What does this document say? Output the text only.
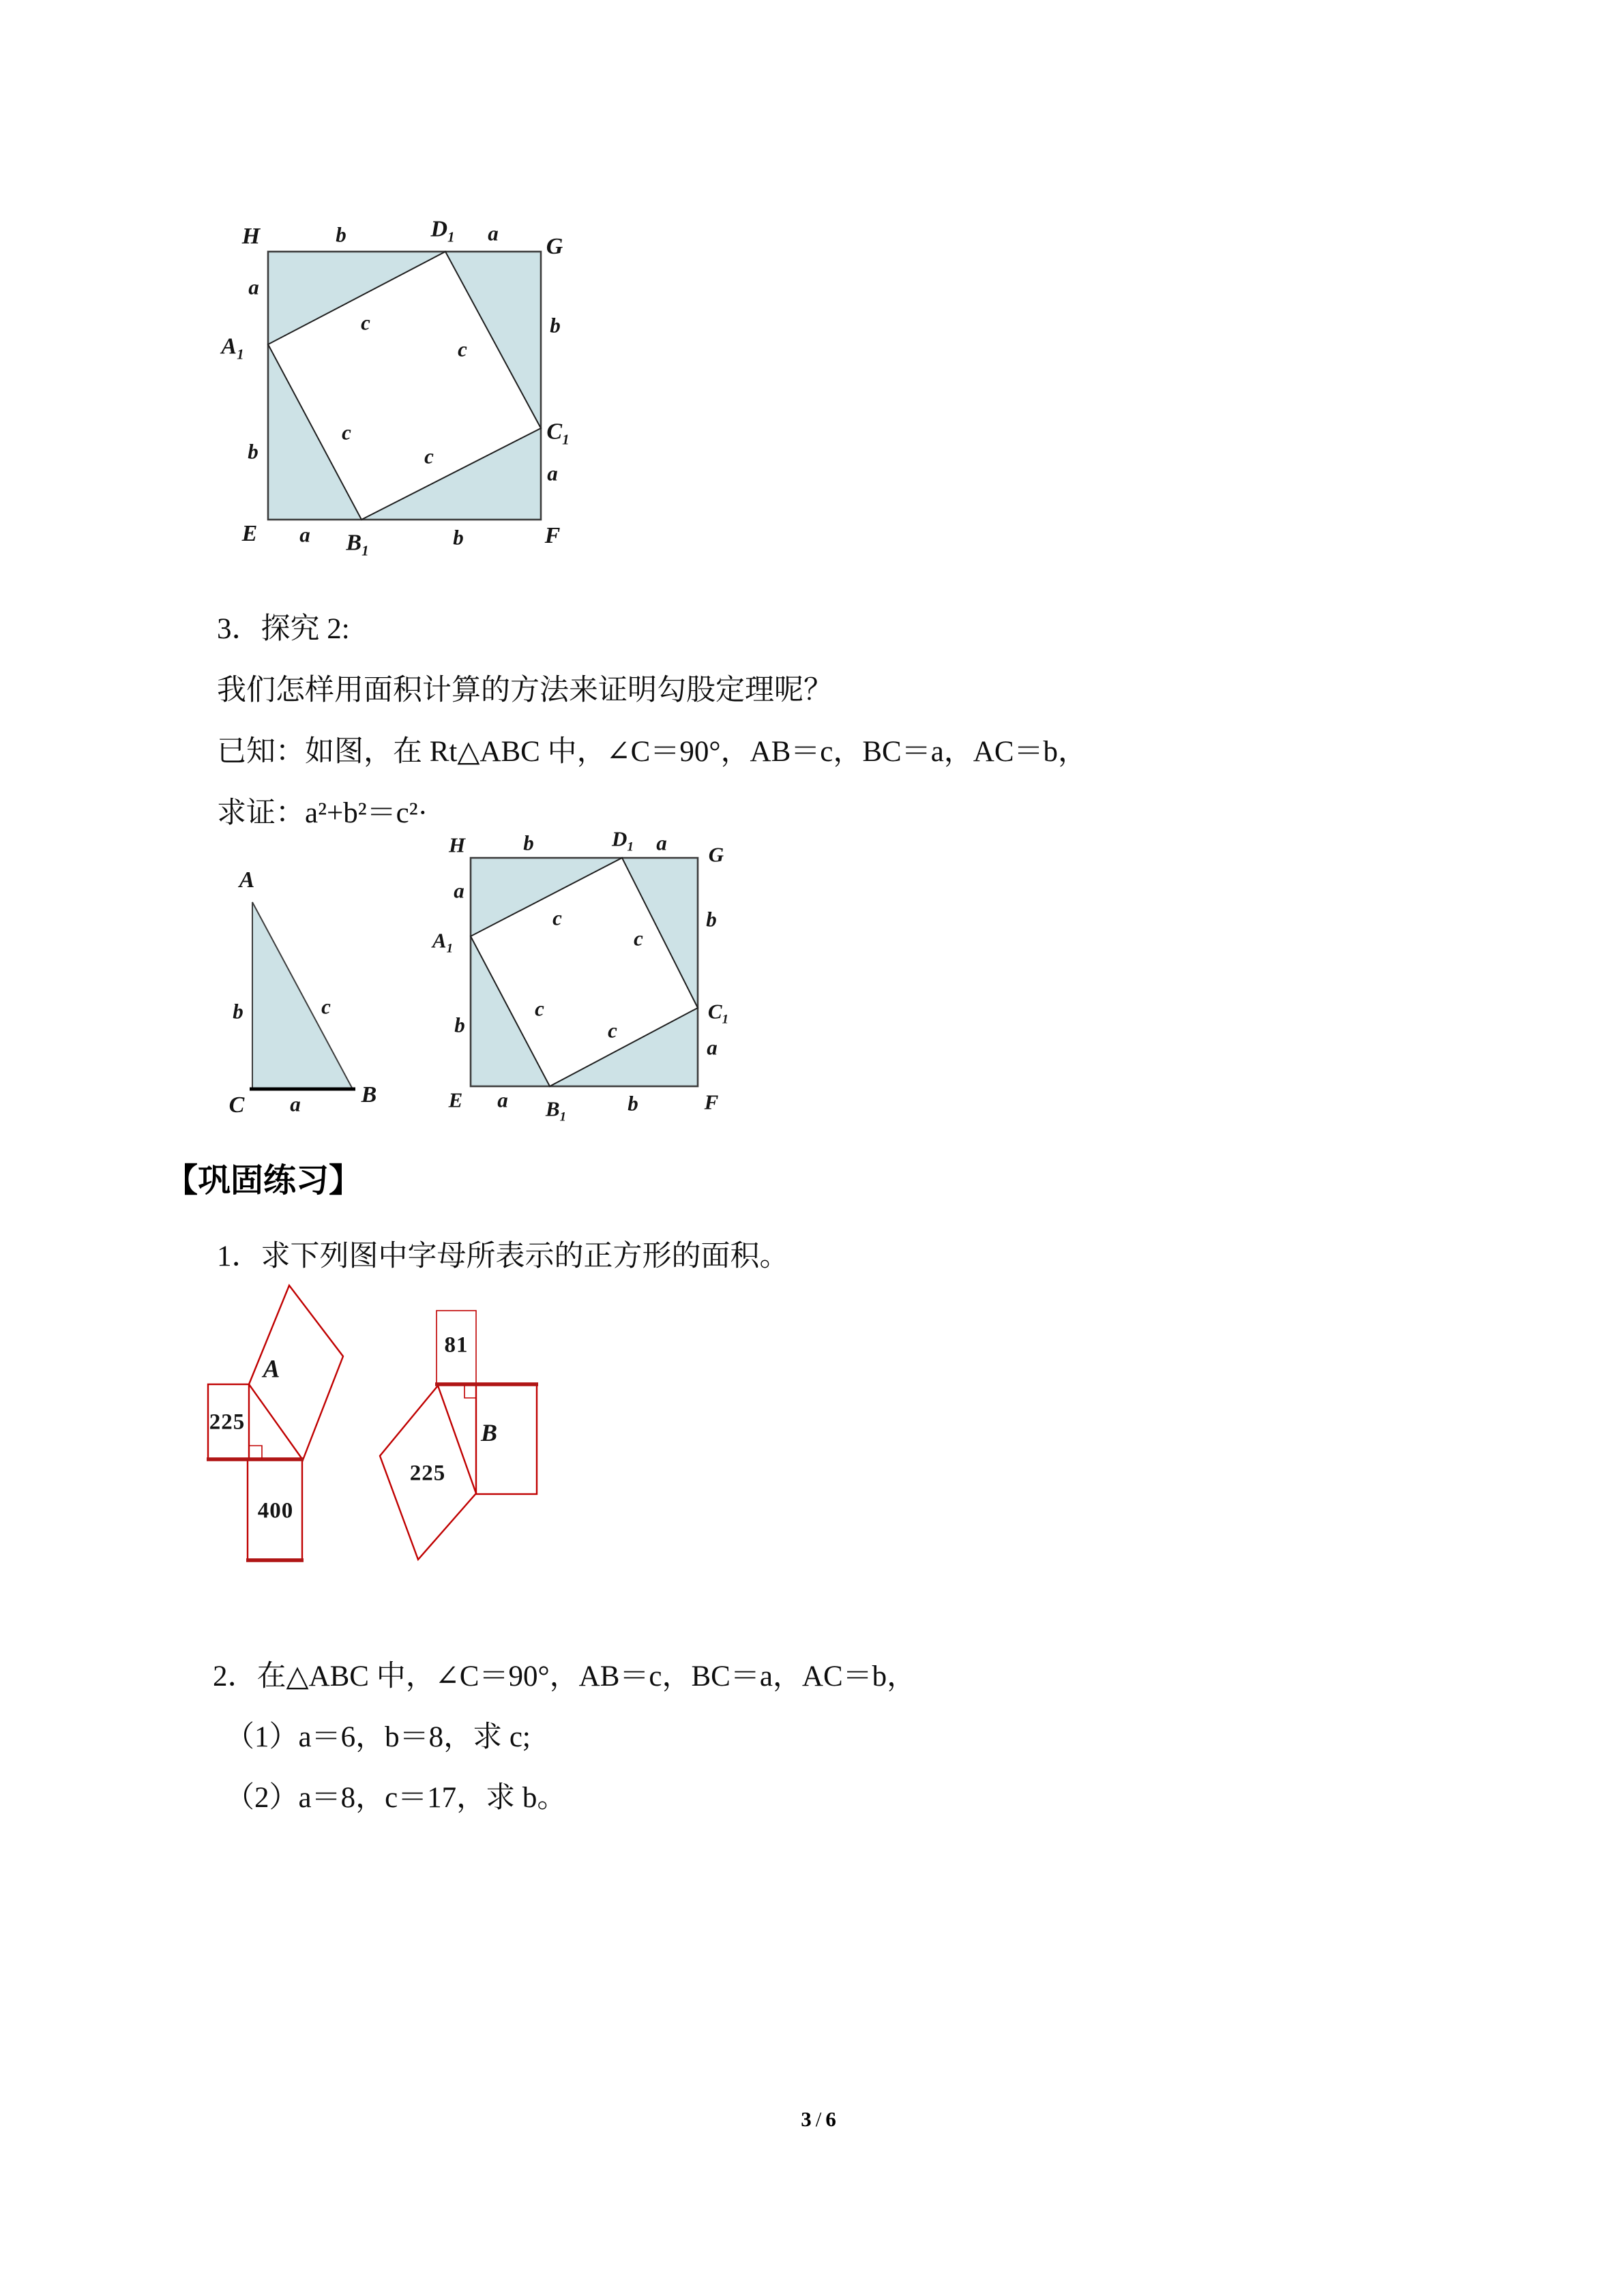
H	b	$D_1$ a
G
a
$A_1$
b
E a $B_1$
b	F
b
$C_1$
a
c
c
c
c
A
b	c
C a	B
H	b	$D_1$ a G
a
$A_1$
b
E a $B_1$
b	F
b
$C_1$
a
c
c
c
c
A
225
400
81
B
225
3．探究 2:
我们怎样用面积计算的方法来证明勾股定理呢？
已知：如图，在 Rt△ABC 中，∠C＝90°，AB＝c，BC＝a，AC＝b，
求证：a²+b²＝c²·
【巩固练习】
1．求下列图中字母所表示的正方形的面积。
2．在△ABC 中，∠C＝90°，AB＝c，BC＝a，AC＝b，
（1）a＝6，b＝8，求 c;
（2）a＝8，c＝17，求 b。
3 / 6
